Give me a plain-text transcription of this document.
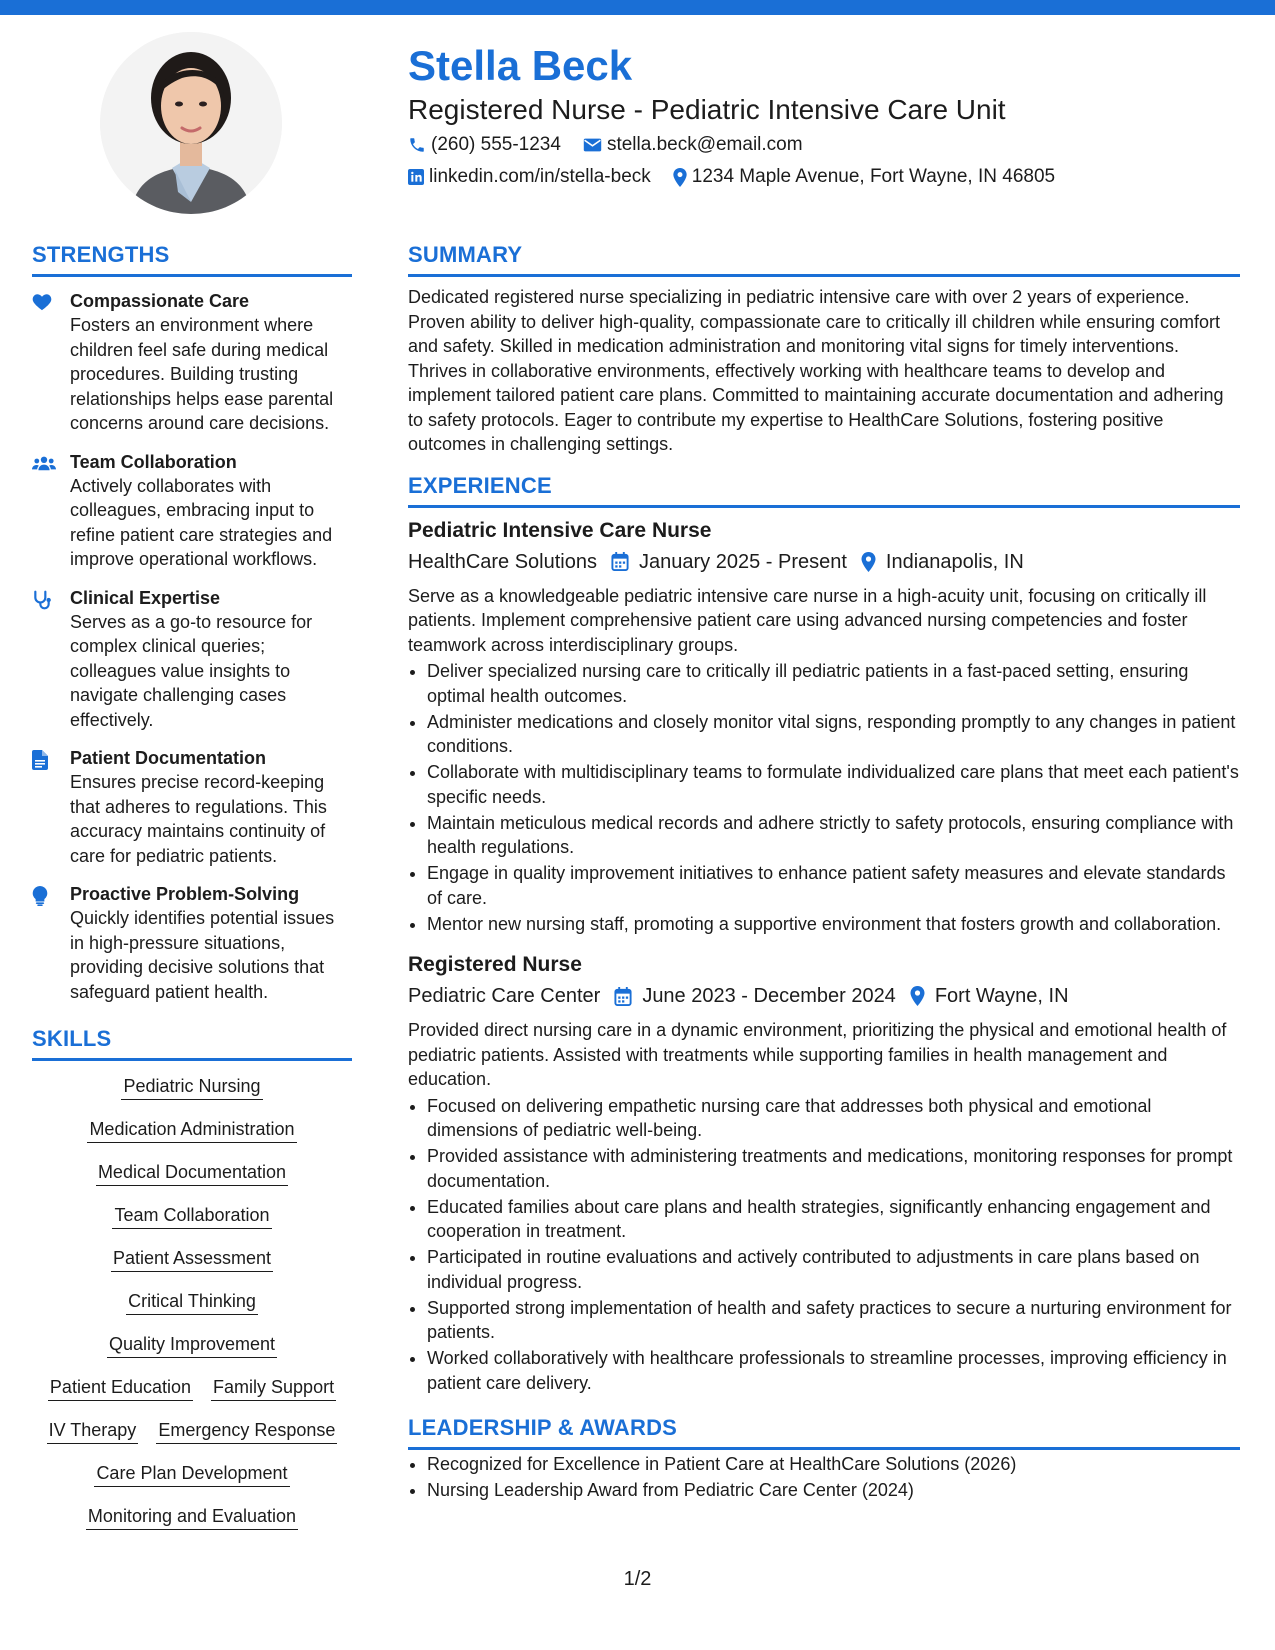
Stella Beck
Registered Nurse - Pediatric Intensive Care Unit
(260) 555-1234 stella.beck@email.com
linkedin.com/in/stella-beck 1234 Maple Avenue, Fort Wayne, IN 46805
STRENGTHS
Compassionate Care
Fosters an environment where children feel safe during medical procedures. Building trusting relationships helps ease parental concerns around care decisions.
Team Collaboration
Actively collaborates with colleagues, embracing input to refine patient care strategies and improve operational workflows.
Clinical Expertise
Serves as a go-to resource for complex clinical queries; colleagues value insights to navigate challenging cases effectively.
Patient Documentation
Ensures precise record-keeping that adheres to regulations. This accuracy maintains continuity of care for pediatric patients.
Proactive Problem-Solving
Quickly identifies potential issues in high-pressure situations, providing decisive solutions that safeguard patient health.
SKILLS
Pediatric Nursing
Medication Administration
Medical Documentation
Team Collaboration
Patient Assessment
Critical Thinking
Quality Improvement
Patient Education Family Support
IV Therapy Emergency Response
Care Plan Development
Monitoring and Evaluation
SUMMARY

Dedicated registered nurse specializing in pediatric intensive care with over 2 years of experience. Proven ability to deliver high-quality, compassionate care to critically ill children while ensuring comfort and safety. Skilled in medication administration and monitoring vital signs for timely interventions. Thrives in collaborative environments, effectively working with healthcare teams to develop and implement tailored patient care plans. Committed to maintaining accurate documentation and adhering to safety protocols. Eager to contribute my expertise to HealthCare Solutions, fostering positive outcomes in challenging settings.

EXPERIENCE
Pediatric Intensive Care Nurse
HealthCare Solutions January 2025 - Present Indianapolis, IN

Serve as a knowledgeable pediatric intensive care nurse in a high-acuity unit, focusing on critically ill patients. Implement comprehensive patient care using advanced nursing competencies and foster teamwork across interdisciplinary groups.

• Deliver specialized nursing care to critically ill pediatric patients in a fast-paced setting, ensuring optimal health outcomes.
• Administer medications and closely monitor vital signs, responding promptly to any changes in patient conditions.
• Collaborate with multidisciplinary teams to formulate individualized care plans that meet each patient's specific needs.
• Maintain meticulous medical records and adhere strictly to safety protocols, ensuring compliance with health regulations.
• Engage in quality improvement initiatives to enhance patient safety measures and elevate standards of care.
• Mentor new nursing staff, promoting a supportive environment that fosters growth and collaboration.
Registered Nurse
Pediatric Care Center June 2023 - December 2024 Fort Wayne, IN

Provided direct nursing care in a dynamic environment, prioritizing the physical and emotional health of pediatric patients. Assisted with treatments while supporting families in health management and education.

• Focused on delivering empathetic nursing care that addresses both physical and emotional dimensions of pediatric well-being.
• Provided assistance with administering treatments and medications, monitoring responses for prompt documentation.
• Educated families about care plans and health strategies, significantly enhancing engagement and cooperation in treatment.
• Participated in routine evaluations and actively contributed to adjustments in care plans based on individual progress.
• Supported strong implementation of health and safety practices to secure a nurturing environment for patients.
• Worked collaboratively with healthcare professionals to streamline processes, improving efficiency in patient care delivery.
LEADERSHIP & AWARDS
• Recognized for Excellence in Patient Care at HealthCare Solutions (2026)
• Nursing Leadership Award from Pediatric Care Center (2024)
1/2
